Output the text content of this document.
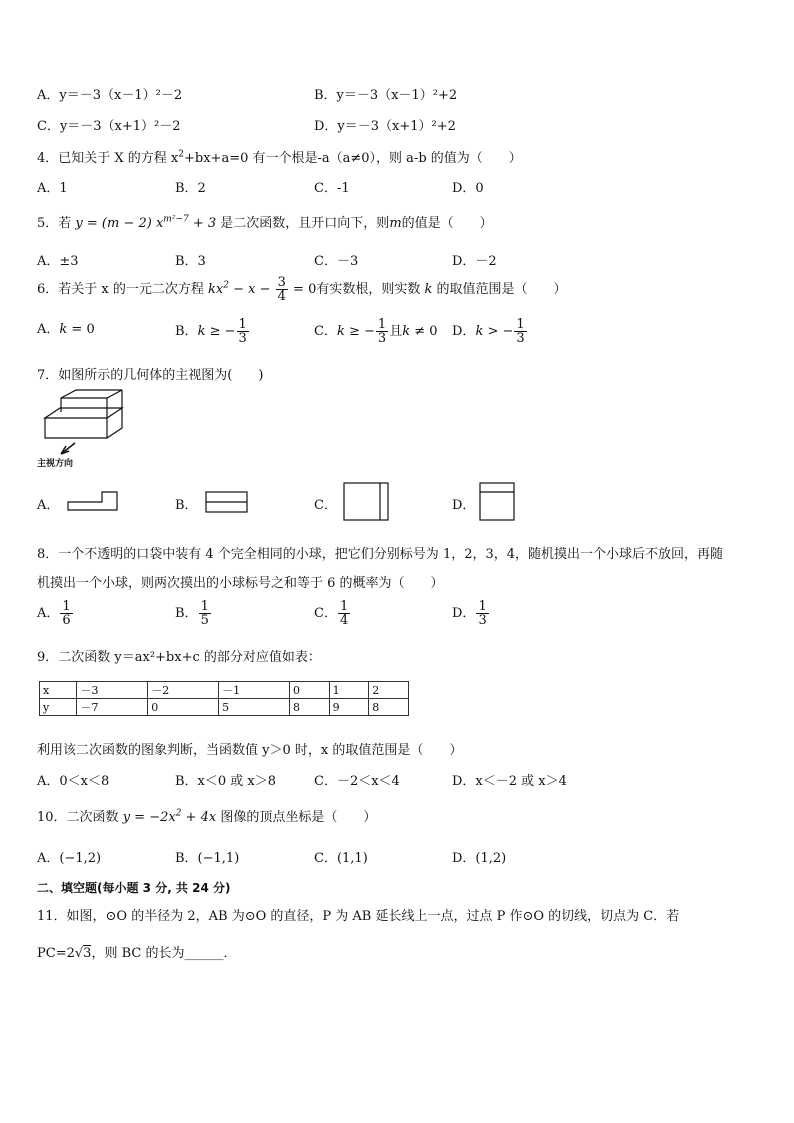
A．y＝－3（x－1）²－2	B．y＝－3（x－1）²+2
C．y＝－3（x+1）²－2	D．y＝－3（x+1）²+2
4．已知关于 X 的方程 $x^2+bx+a=0$ 有一个根是-a（a≠0），则 a-b 的值为（　　）
A．1	B．2	C．-1	D．0
5．若 y = (m − 2) $x^{m^2-7} + 3$ 是二次函数，且开口向下，则m的值是（　　）
A．±3	B．3	C．－3	D．－2
6．若关于 x 的一元二次方程 $kx^2 - x - \frac{3}{4} = 0$有实数根，则实数 k 的取值范围是（　　）
A．k = 0	B．k ≥ − $\frac{1}{3}$	C．k ≥ − $\frac{1}{3}$ 且k ≠ 0 D．k > − $\frac{1}{3}$
7．如图所示的几何体的主视图为(　　)
主视方向
A．	B．	C．	D．
8．一个不透明的口袋中装有 4 个完全相同的小球，把它们分别标号为 1，2，3，4，随机摸出一个小球后不放回，再随
机摸出一个小球，则两次摸出的小球标号之和等于 6 的概率为（　　）
A． $\frac{1}{6}$	B． $\frac{1}{5}$	C． $\frac{1}{4}$	D． $\frac{1}{3}$
9．二次函数 y＝ax²+bx+c 的部分对应值如表：
x	－3	－2	－1	0	1	2
y	－7	0	5	8	9	8
利用该二次函数的图象判断，当函数值 y＞0 时，x 的取值范围是（　　）
A．0＜x＜8	B．x＜0 或 x＞8	C．－2＜x＜4	D．x＜－2 或 x＞4
10．二次函数 $y = -2x^2 + 4x$ 图像的顶点坐标是（　　）
A．(−1,2)	B．(−1,1)	C．(1,1)	D．(1,2)
二、填空题(每小题 3 分, 共 24 分)
11．如图，⊙O 的半径为 2，AB 为⊙O 的直径，P 为 AB 延长线上一点，过点 P 作⊙O 的切线，切点为 C．若
PC=2√3，则 BC 的长为______．
